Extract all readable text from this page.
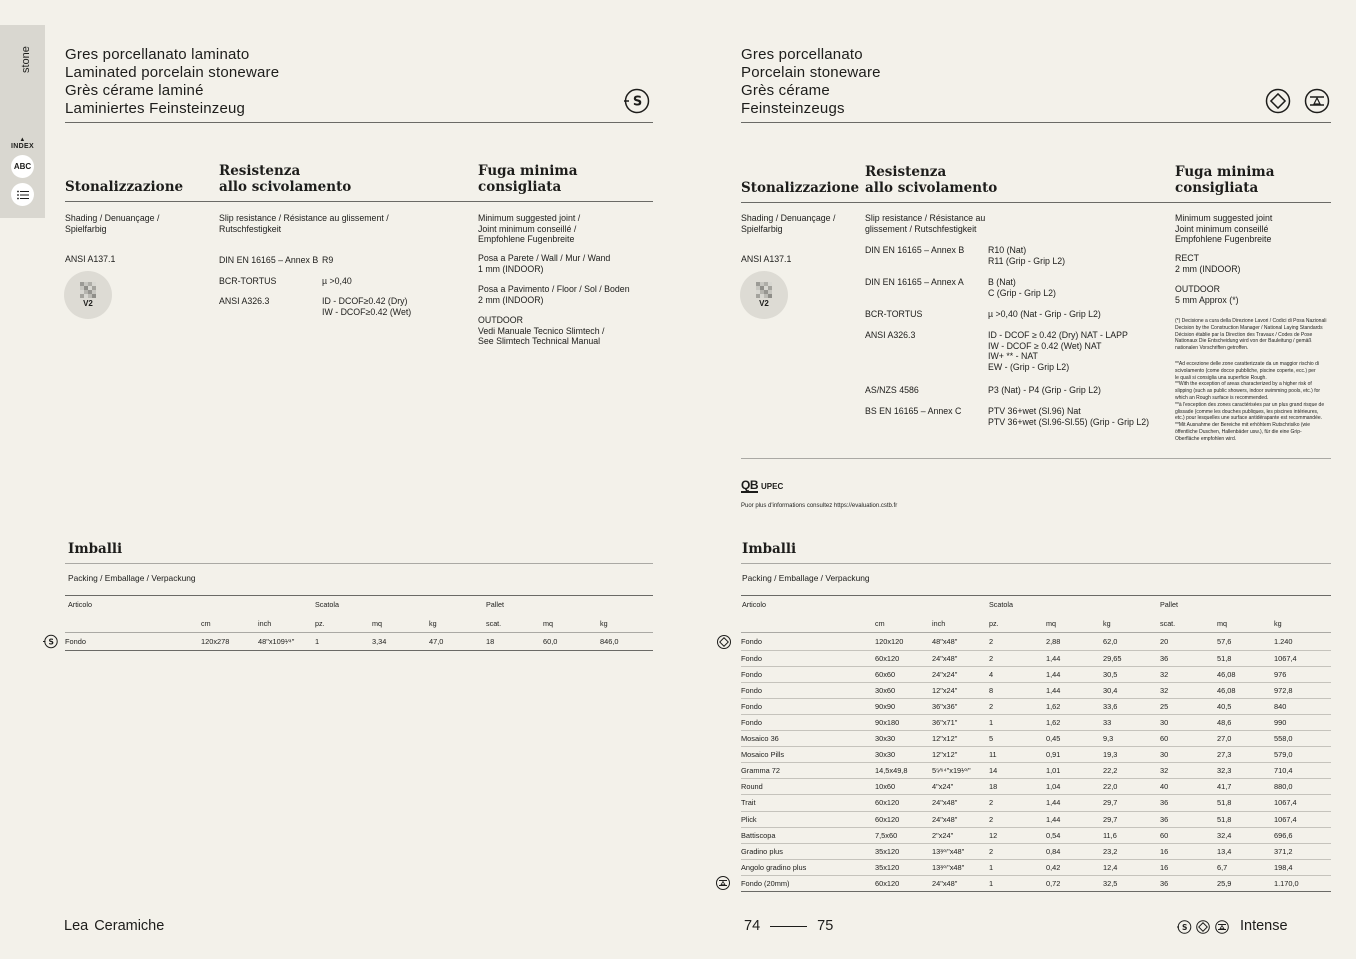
stone
▲
INDEX
ABC
Gres porcellanato laminato
Laminated porcelain stoneware
Grès cérame laminé
Laminiertes Feinsteinzeug	S
Stonalizzazione
Resistenza
allo scivolamento
Fuga minima
consigliata
Shading / Denuançage /
Spielfarbig
ANSI A137.1
V2
Slip resistance / Résistance au glissement /
Rutschfestigkeit
DIN EN 16165 – Annex B R9
BCR-TORTUS	µ >0,40
ANSI A326.3	ID - DCOF≥0.42 (Dry)
IW - DCOF≥0.42 (Wet)
Minimum suggested joint /
Joint minimum conseillé /
Empfohlene Fugenbreite
Posa a Parete / Wall / Mur / Wand
1 mm (INDOOR)
Posa a Pavimento / Floor / Sol / Boden
2 mm (INDOOR)
OUTDOOR
Vedi Manuale Tecnico Slimtech /
See Slimtech Technical Manual
Imballi
Packing / Emballage / Verpackung
Articolo	Scatola	Pallet
cm	inch	pz.	mq	kg	scat.	mq	kg
S Fondo	120x278	48"x109¹⁄⁴"	1	3,34	47,0	18	60,0	846,0
Gres porcellanato
Porcelain stoneware
Grès cérame
Feinsteinzeugs
Stonalizzazione
Resistenza
allo scivolamento
Fuga minima
consigliata
Shading / Denuançage /
Spielfarbig
ANSI A137.1
V2
Slip resistance / Résistance au
glissement / Rutschfestigkeit
DIN EN 16165 – Annex B	R10 (Nat)
R11 (Grip - Grip L2)
DIN EN 16165 – Annex A	B (Nat)
C (Grip - Grip L2)
BCR-TORTUS	µ >0,40 (Nat - Grip - Grip L2)
ANSI A326.3	ID - DCOF ≥ 0.42 (Dry) NAT - LAPP
IW - DCOF ≥ 0.42 (Wet) NAT
IW+ ** - NAT
EW - (Grip - Grip L2)
AS/NZS 4586	P3 (Nat) - P4 (Grip - Grip L2)
BS EN 16165 – Annex C	PTV 36+wet (Sl.96) Nat
PTV 36+wet (Sl.96-Sl.55) (Grip - Grip L2)
Minimum suggested joint
Joint minimum conseillé
Empfohlene Fugenbreite
RECT
2 mm (INDOOR)
OUTDOOR
5 mm Approx (*)
(*) Decisione a cura della Direzione Lavori / Codici di Posa Nazionali
Decision by the Construction Manager / National Laying Standards
Décision établie par la Direction des Travaux / Codes de Pose
Nationaux Die Entscheidung wird von der Bauleitung / gemäß
nationalen Vorschriften getroffen.
**Ad eccezione delle zone caratterizzate da un maggior rischio di
scivolamento (come docce pubbliche, piscine coperte, ecc.) per
le quali si consiglia una superficie Rough.
**With the exception of areas characterized by a higher risk of
slipping (such as public showers, indoor swimming pools, etc.) for
which an Rough surface is recommended.
**à l'exception des zones caractérisées par un plus grand risque de
glissade (comme les douches publiques, les piscines intérieures,
etc.) pour lesquelles une surface antidérapante est recommandée.
**Mit Ausnahme der Bereiche mit erhöhtem Rutschrisiko (wie
öffentliche Duschen, Hallenbäder usw.), für die eine Grip-
Oberfläche empfohlen wird.
QB UPEC
Puor plus d'informations consultez https://evaluation.cstb.fr
Imballi
Packing / Emballage / Verpackung
Articolo	Scatola	Pallet
cm	inch	pz.	mq	kg	scat.	mq	kg
Fondo	120x120	48"x48"	2	2,88	62,0	20	57,6	1.240
Fondo	60x120	24"x48"	2	1,44	29,65	36	51,8	1067,4
Fondo	60x60	24"x24"	4	1,44	30,5	32	46,08	976
Fondo	30x60	12"x24"	8	1,44	30,4	32	46,08	972,8
Fondo	90x90	36"x36"	2	1,62	33,6	25	40,5	840
Fondo	90x180	36"x71"	1	1,62	33	30	48,6	990
Mosaico 36	30x30	12"x12"	5	0,45	9,3	60	27,0	558,0
Mosaico Pills	30x30	12"x12"	11	0,91	19,3	30	27,3	579,0
Gramma 72	14,5x49,8	5⁵⁄⁶⁴"x19¹⁄⁴"	14	1,01	22,2	32	32,3	710,4
Round	10x60	4"x24"	18	1,04	22,0	40	41,7	880,0
Trait	60x120	24"x48"	2	1,44	29,7	36	51,8	1067,4
Plick	60x120	24"x48"	2	1,44	29,7	36	51,8	1067,4
Battiscopa	7,5x60	2"x24"	12	0,54	11,6	60	32,4	696,6
Gradino plus	35x120	13³⁄⁴"x48"	2	0,84	23,2	16	13,4	371,2
Angolo gradino plus	35x120	13³⁄⁴"x48"	1	0,42	12,4	16	6,7	198,4
Fondo (20mm)	60x120	24"x48"	1	0,72	32,5	36	25,9	1.170,0
Lea Ceramiche	74	75	S	Intense
